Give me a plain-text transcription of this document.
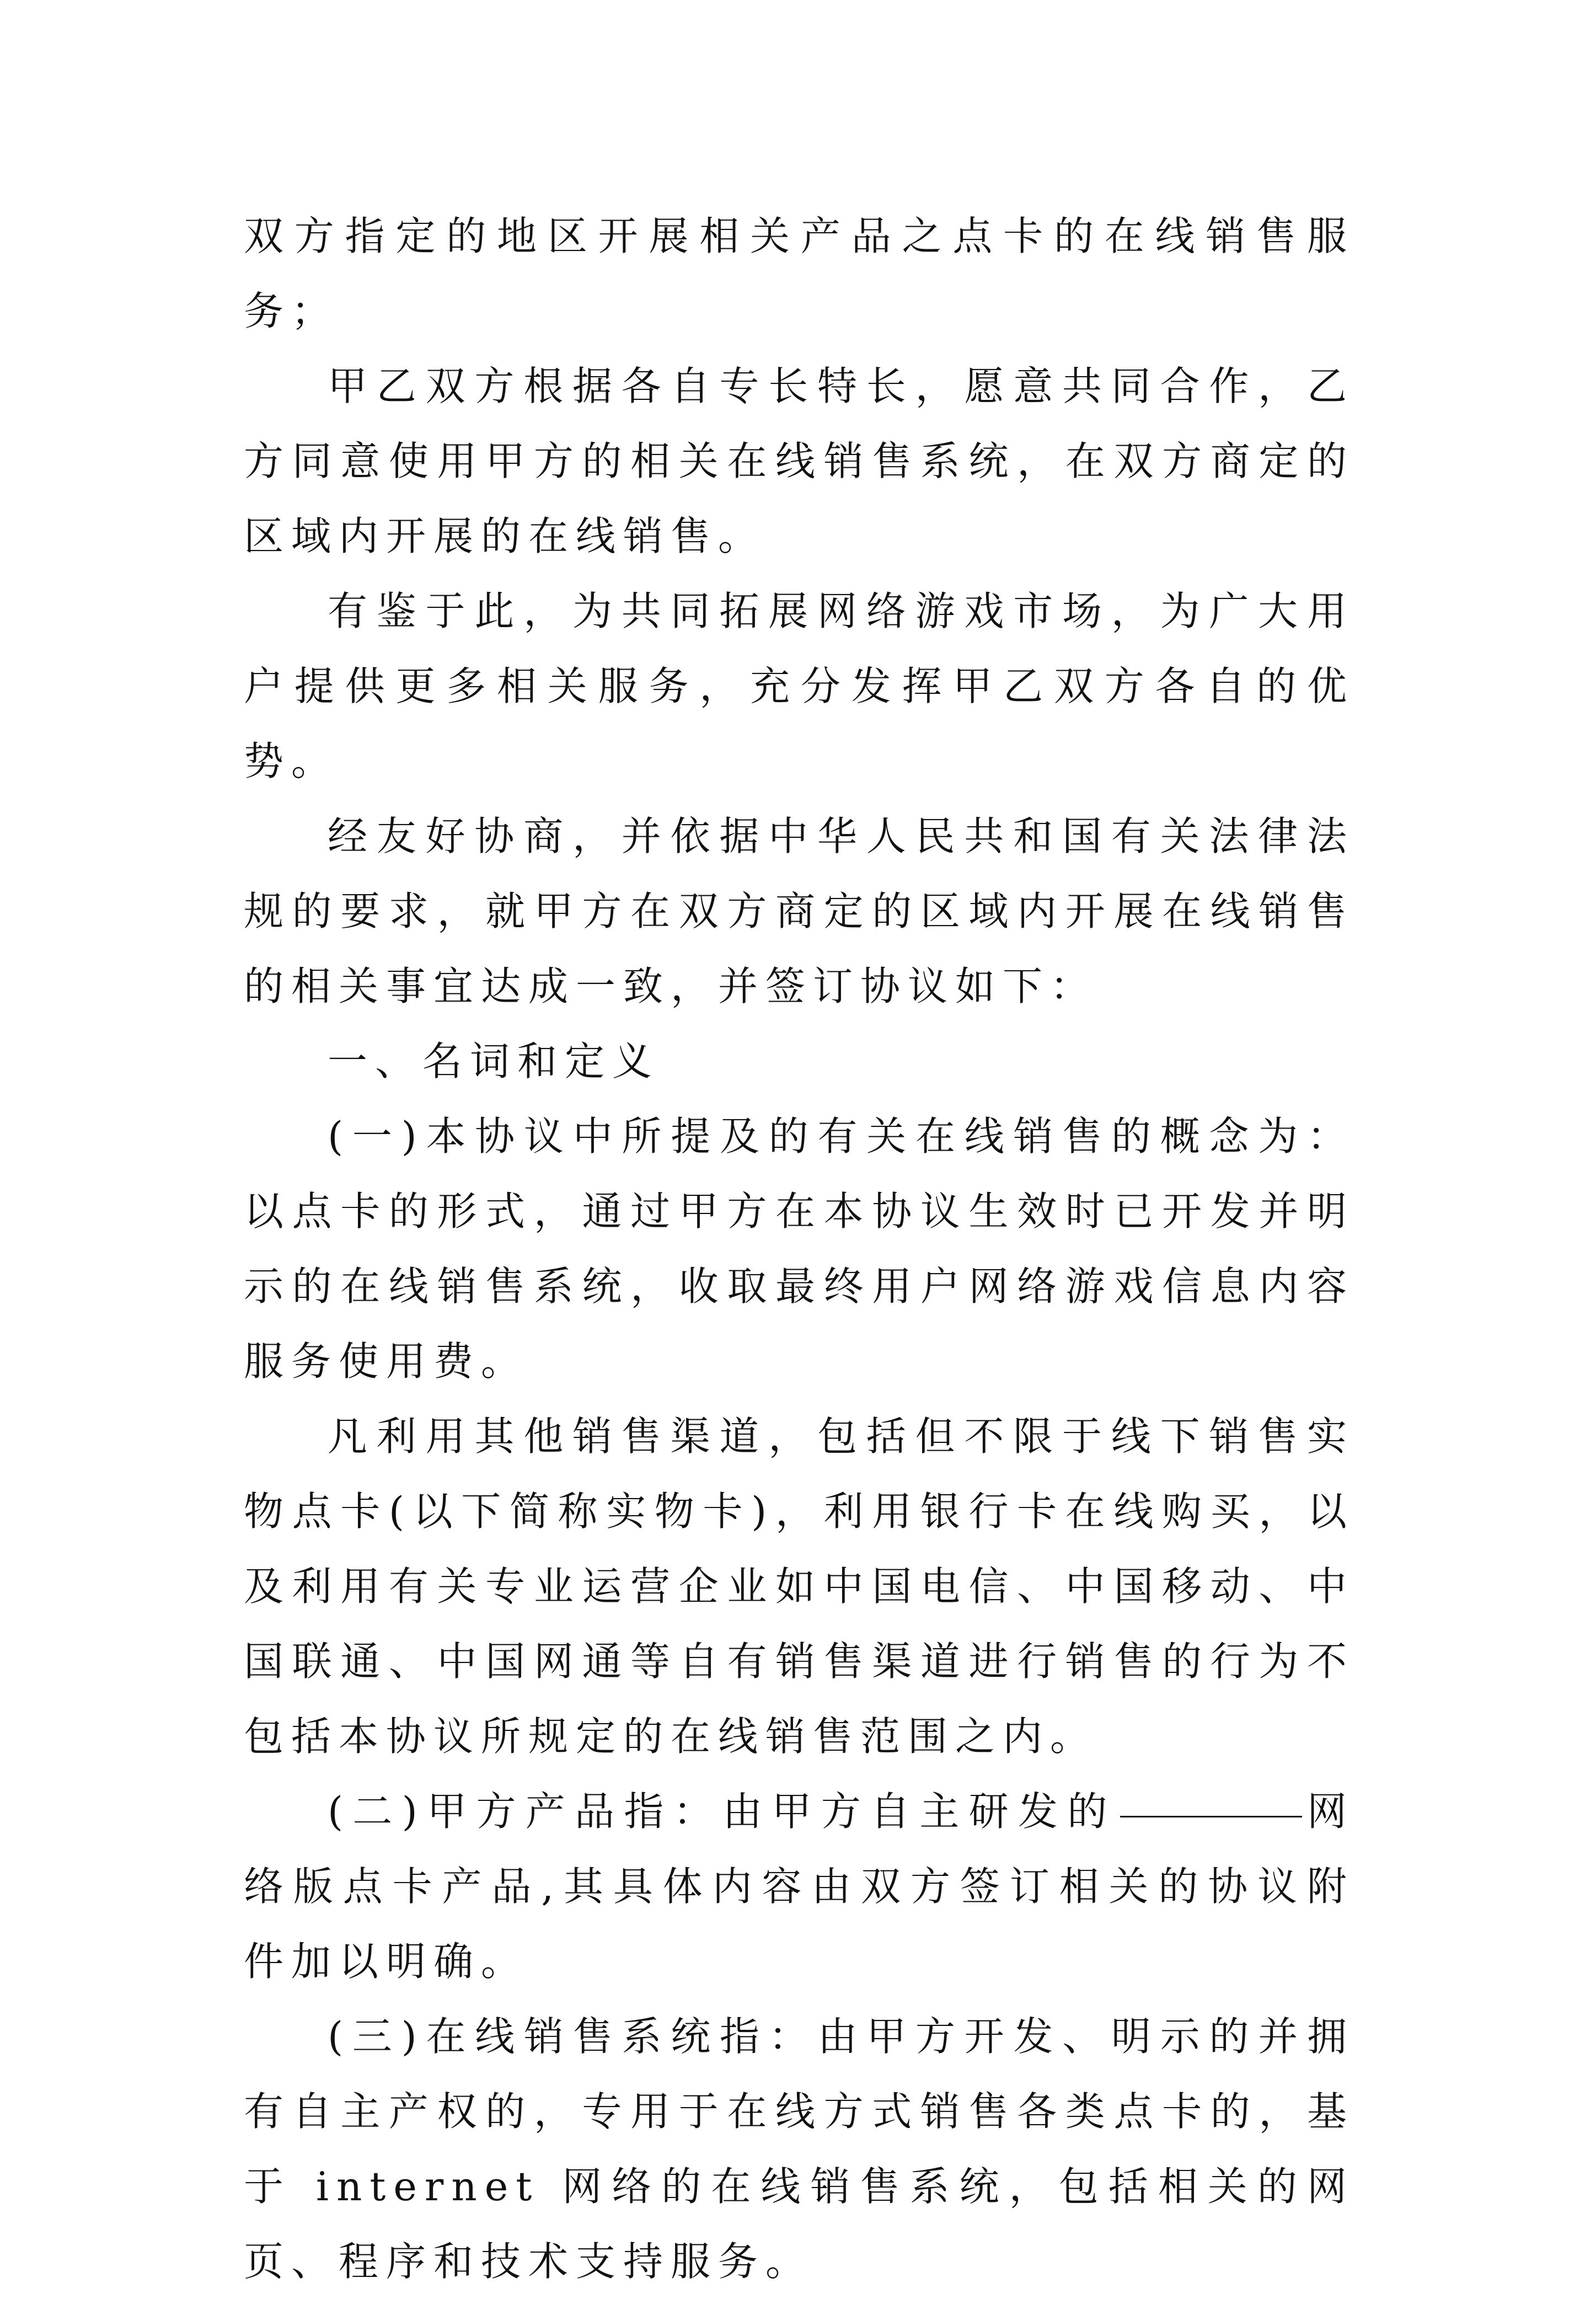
双方指定的地区开展相关产品之点卡的在线销售服务；

甲乙双方根据各自专长特长，愿意共同合作，乙方同意使用甲方的相关在线销售系统，在双方商定的区域内开展的在线销售。

有鉴于此，为共同拓展网络游戏市场，为广大用户提供更多相关服务，充分发挥甲乙双方各自的优势。

经友好协商，并依据中华人民共和国有关法律法规的要求，就甲方在双方商定的区域内开展在线销售的相关事宜达成一致，并签订协议如下：

一、名词和定义

(一)本协议中所提及的有关在线销售的概念为：以点卡的形式，通过甲方在本协议生效时已开发并明示的在线销售系统，收取最终用户网络游戏信息内容服务使用费。

凡利用其他销售渠道，包括但不限于线下销售实物点卡(以下简称实物卡)，利用银行卡在线购买，以及利用有关专业运营企业如中国电信、中国移动、中国联通、中国网通等自有销售渠道进行销售的行为不包括本协议所规定的在线销售范围之内。

(二)甲方产品指：由甲方自主研发的	网络版点卡产品,其具体内容由双方签订相关的协议附件加以明确。

(三)在线销售系统指：由甲方开发、明示的并拥有自主产权的，专用于在线方式销售各类点卡的，基于 internet 网络的在线销售系统，包括相关的网页、程序和技术支持服务。
